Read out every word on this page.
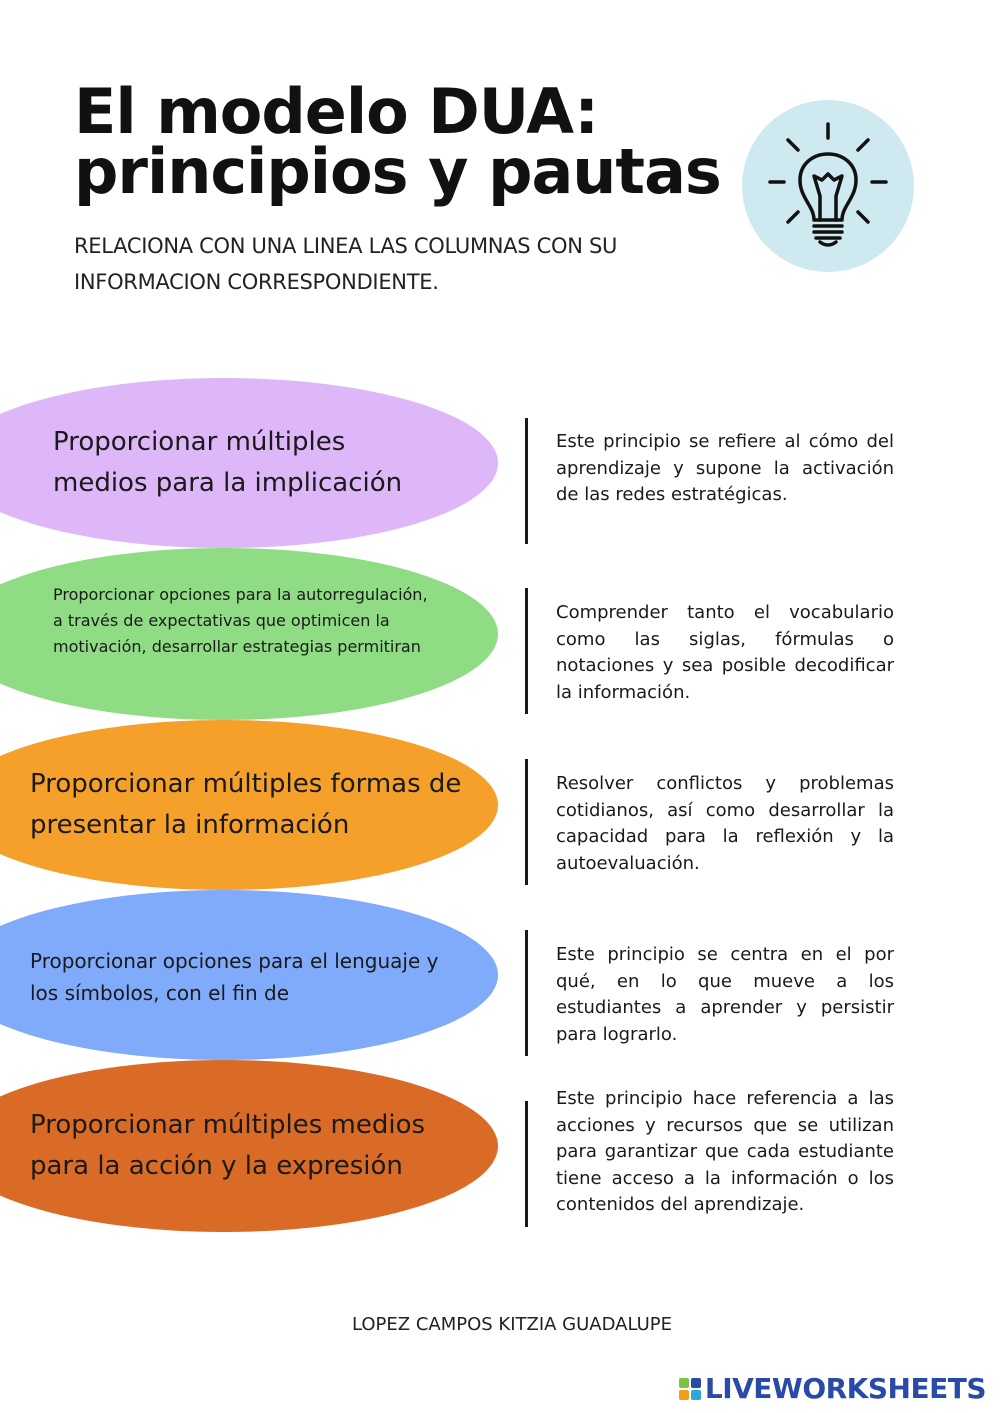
El modelo DUA:
principios y pautas

RELACIONA CON UNA LINEA LAS COLUMNAS CON SU INFORMACION CORRESPONDIENTE.

Proporcionar múltiples medios para la implicación

Proporcionar opciones para la autorregulación, a través de expectativas que optimicen la motivación, desarrollar estrategias permitiran

Proporcionar múltiples formas de presentar la información

Proporcionar opciones para el lenguaje y los símbolos, con el fin de

Proporcionar múltiples medios para la acción y la expresión

Este principio se refiere al cómo del aprendizaje y supone la activación de las redes estratégicas.

Comprender tanto el vocabulario como las siglas, fórmulas o notaciones y sea posible decodificar la información.

Resolver conflictos y problemas cotidianos, así como desarrollar la capacidad para la reflexión y la autoevaluación.

Este principio se centra en el por qué, en lo que mueve a los estudiantes a aprender y persistir para lograrlo.

Este principio hace referencia a las acciones y recursos que se utilizan para garantizar que cada estudiante tiene acceso a la información o los contenidos del aprendizaje.

LOPEZ CAMPOS KITZIA GUADALUPE

LIVEWORKSHEETS
